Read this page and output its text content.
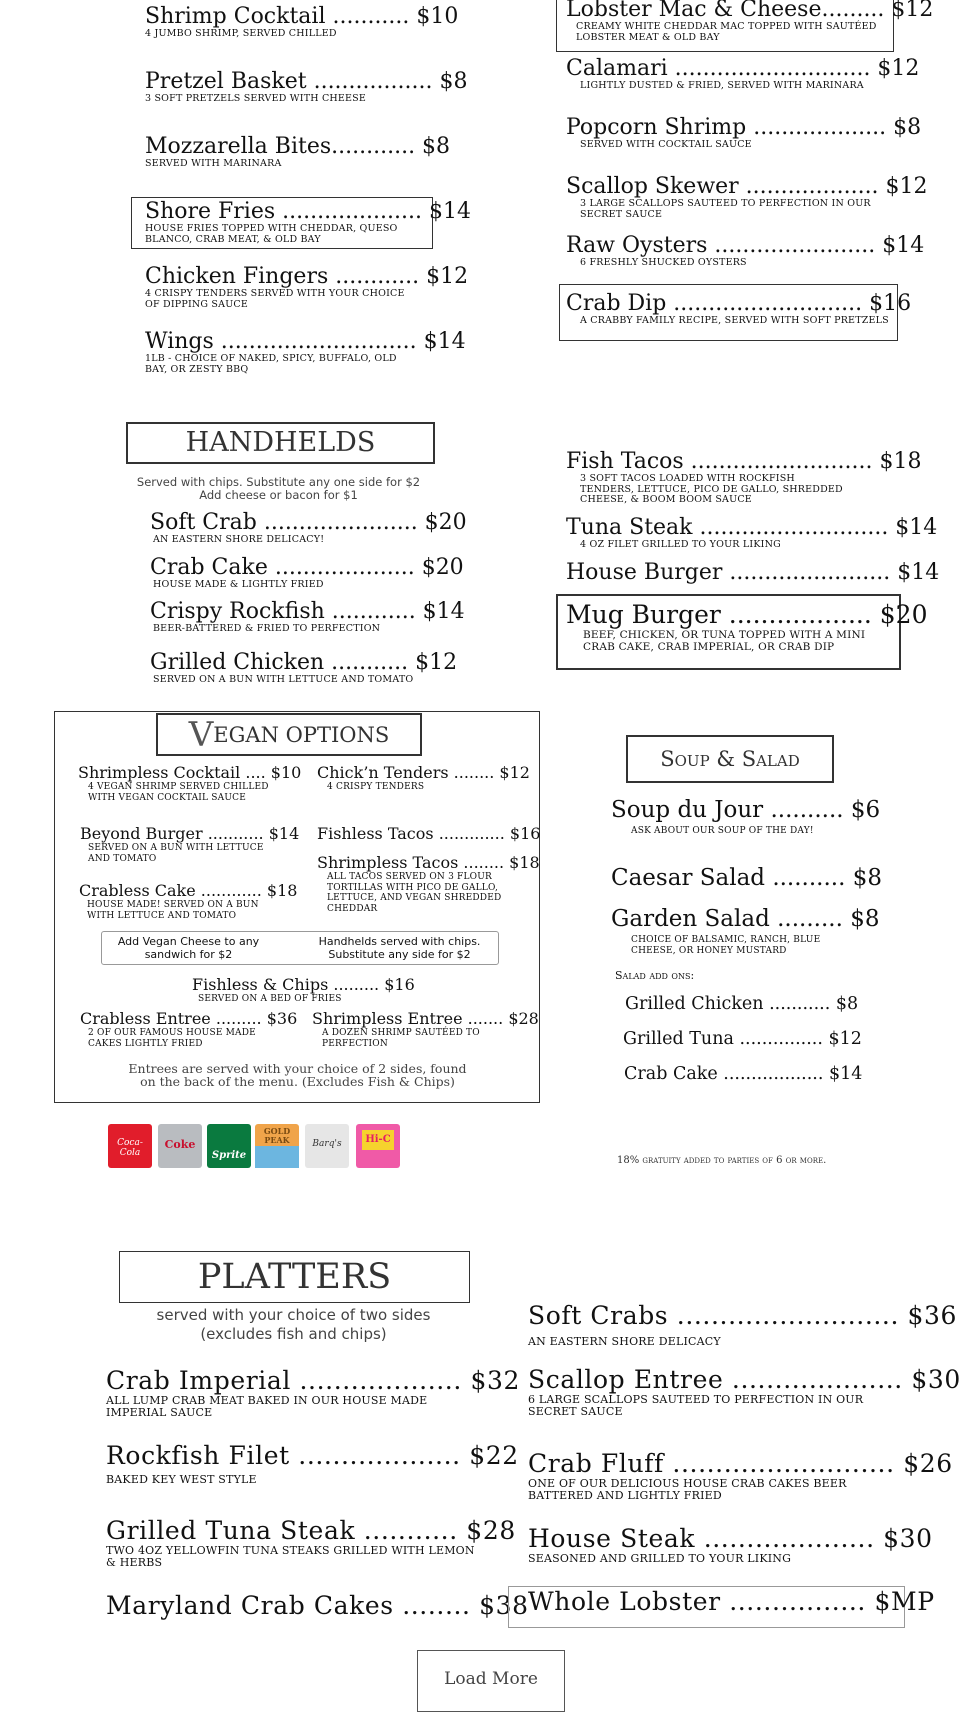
Shrimp Cocktail ........... $10
4 JUMBO SHRIMP, SERVED CHILLED
Pretzel Basket ................. $8
3 SOFT PRETZELS SERVED WITH CHEESE
Mozzarella Bites............ $8
SERVED WITH MARINARA
Shore Fries .................... $14
HOUSE FRIES TOPPED WITH CHEDDAR, QUESO BLANCO, CRAB MEAT, & OLD BAY
Chicken Fingers ............ $12
4 CRISPY TENDERS SERVED WITH YOUR CHOICE OF DIPPING SAUCE
Wings ............................ $14
1LB - CHOICE OF NAKED, SPICY, BUFFALO, OLD BAY, OR ZESTY BBQ
Lobster Mac & Cheese......... $12
CREAMY WHITE CHEDDAR MAC TOPPED WITH SAUTÉED LOBSTER MEAT & OLD BAY
Calamari ............................ $12
LIGHTLY DUSTED & FRIED, SERVED WITH MARINARA
Popcorn Shrimp ................... $8
SERVED WITH COCKTAIL SAUCE
Scallop Skewer ................... $12
3 LARGE SCALLOPS SAUTEED TO PERFECTION IN OUR SECRET SAUCE
Raw Oysters ....................... $14
6 FRESHLY SHUCKED OYSTERS
Crab Dip ........................... $16
A CRABBY FAMILY RECIPE, SERVED WITH SOFT PRETZELS
HANDHELDS
Served with chips. Substitute any one side for $2
Add cheese or bacon for $1
Soft Crab ...................... $20
AN EASTERN SHORE DELICACY!
Crab Cake .................... $20
HOUSE MADE & LIGHTLY FRIED
Crispy Rockfish ............ $14
BEER-BATTERED & FRIED TO PERFECTION
Grilled Chicken ........... $12
SERVED ON A BUN WITH LETTUCE AND TOMATO
Fish Tacos .......................... $18
3 SOFT TACOS LOADED WITH ROCKFISH TENDERS, LETTUCE, PICO DE GALLO, SHREDDED CHEESE, & BOOM BOOM SAUCE
Tuna Steak ........................... $14
4 OZ FILET GRILLED TO YOUR LIKING
House Burger ....................... $14
Mug Burger .................. $20
BEEF, CHICKEN, OR TUNA TOPPED WITH A MINI CRAB CAKE, CRAB IMPERIAL, OR CRAB DIP
VEGAN OPTIONS
Shrimpless Cocktail .... $10
4 VEGAN SHRIMP SERVED CHILLED WITH VEGAN COCKTAIL SAUCE
Chick’n Tenders ........ $12
4 CRISPY TENDERS
Beyond Burger ........... $14
SERVED ON A BUN WITH LETTUCE AND TOMATO
Fishless Tacos ............. $16
Shrimpless Tacos ........ $18
ALL TACOS SERVED ON 3 FLOUR TORTILLAS WITH PICO DE GALLO, LETTUCE, AND VEGAN SHREDDED CHEDDAR
Crabless Cake ............ $18
HOUSE MADE! SERVED ON A BUN WITH LETTUCE AND TOMATO
Add Vegan Cheese to any sandwich for $2
Handhelds served with chips. Substitute any side for $2
Fishless & Chips ......... $16
SERVED ON A BED OF FRIES
Crabless Entree ......... $36
2 OF OUR FAMOUS HOUSE MADE CAKES LIGHTLY FRIED
Shrimpless Entree ....... $28
A DOZEN SHRIMP SAUTÉED TO PERFECTION
Entrees are served with your choice of 2 sides, found
on the back of the menu. (Excludes Fish & Chips)
Soup & Salad
Soup du Jour .......... $6
ASK ABOUT OUR SOUP OF THE DAY!
Caesar Salad .......... $8
Garden Salad ......... $8
CHOICE OF BALSAMIC, RANCH, BLUE CHEESE, OR HONEY MUSTARD
Salad add ons:
Grilled Chicken ........... $8
Grilled Tuna ............... $12
Crab Cake .................. $14
Coca-Cola
Coke
Sprite
GOLD PEAK	Barq's	Hi-C
18% gratuity added to parties of 6 or more.
PLATTERS
served with your choice of two sides
(excludes fish and chips)
Crab Imperial ................... $32
ALL LUMP CRAB MEAT BAKED IN OUR HOUSE MADE IMPERIAL SAUCE
Rockfish Filet ................... $22
BAKED KEY WEST STYLE
Grilled Tuna Steak ........... $28
TWO 4OZ YELLOWFIN TUNA STEAKS GRILLED WITH LEMON & HERBS
Maryland Crab Cakes ........ $38
Soft Crabs .......................... $36
AN EASTERN SHORE DELICACY
Scallop Entree .................... $30
6 LARGE SCALLOPS SAUTEED TO PERFECTION IN OUR SECRET SAUCE
Crab Fluff .......................... $26
ONE OF OUR DELICIOUS HOUSE CRAB CAKES BEER BATTERED AND LIGHTLY FRIED
House Steak .................... $30
SEASONED AND GRILLED TO YOUR LIKING
Whole Lobster ................ $MP
Load More
